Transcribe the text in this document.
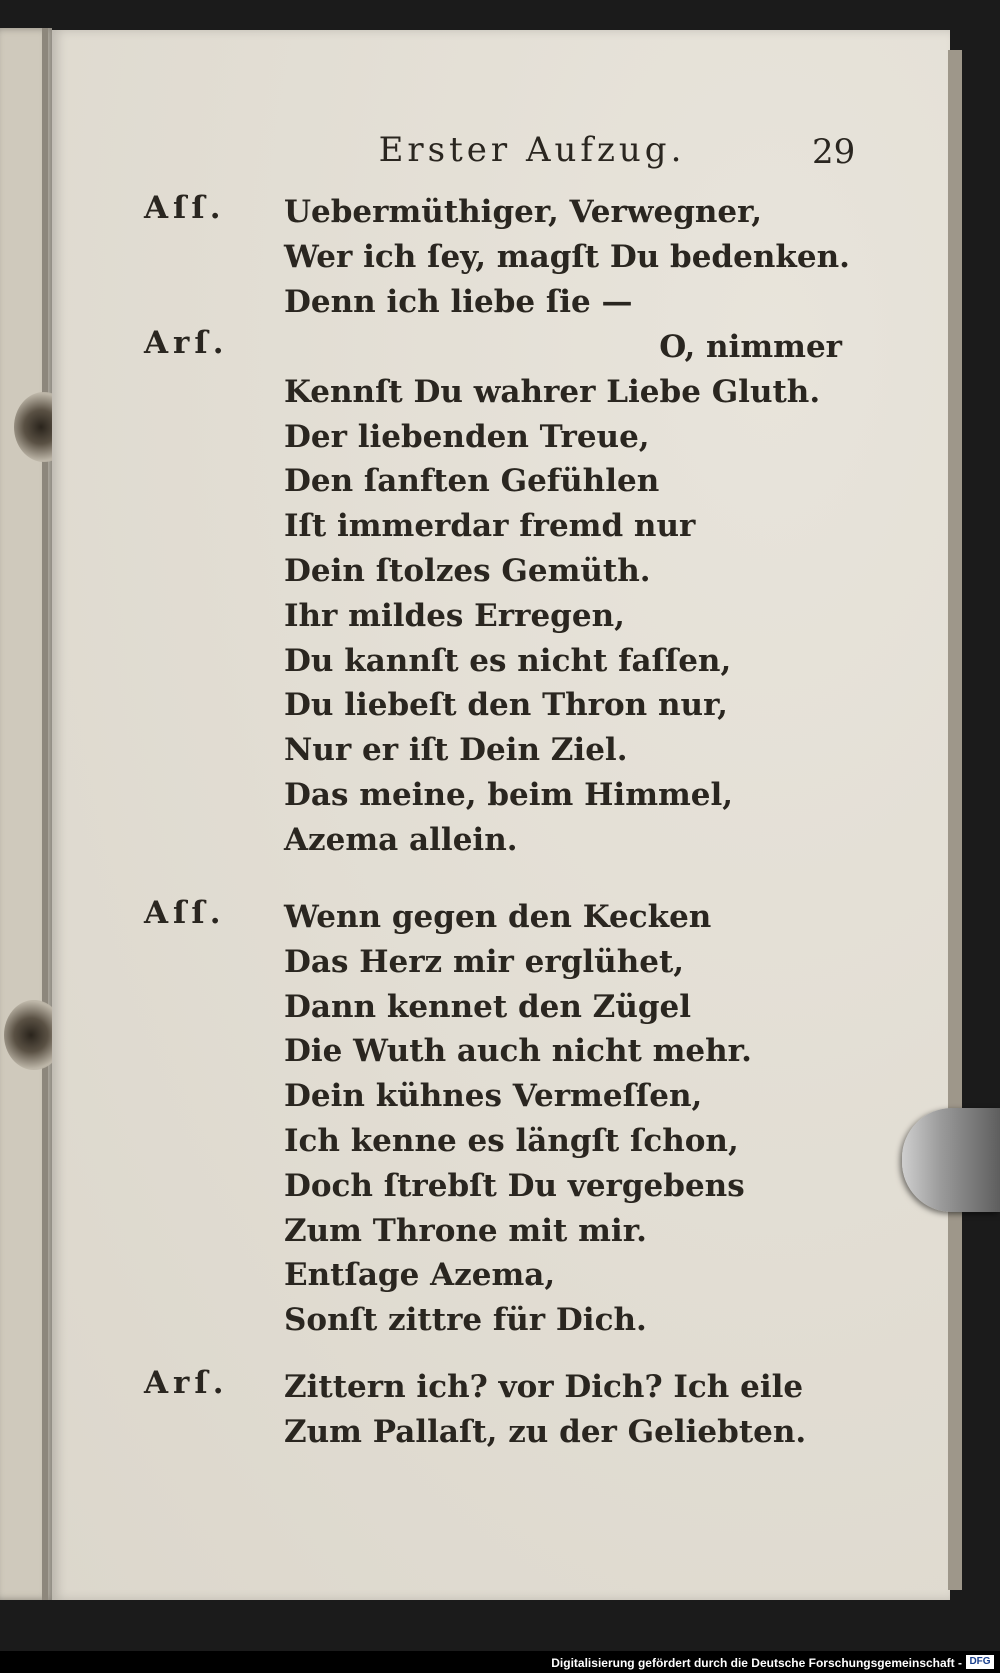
Erster Aufzug.	29
Aſſ. Uebermüthiger, Verwegner,
Wer ich ſey, magſt Du bedenken.
Denn ich liebe ſie —
Arſ.	O, nimmer
Kennſt Du wahrer Liebe Gluth.
Der liebenden Treue,
Den ſanften Gefühlen
Iſt immerdar fremd nur
Dein ſtolzes Gemüth.
Ihr mildes Erregen,
Du kannſt es nicht faſſen,
Du liebeſt den Thron nur,
Nur er iſt Dein Ziel.
Das meine, beim Himmel,
Azema allein.
Aſſ. Wenn gegen den Kecken
Das Herz mir erglühet,
Dann kennet den Zügel
Die Wuth auch nicht mehr.
Dein kühnes Vermeſſen,
Ich kenne es längſt ſchon,
Doch ſtrebſt Du vergebens
Zum Throne mit mir.
Entſage Azema,
Sonſt zittre für Dich.
Arſ. Zittern ich? vor Dich? Ich eile
Zum Pallaſt, zu der Geliebten.
Digitalisierung gefördert durch die Deutsche Forschungsgemeinschaft - DFG
